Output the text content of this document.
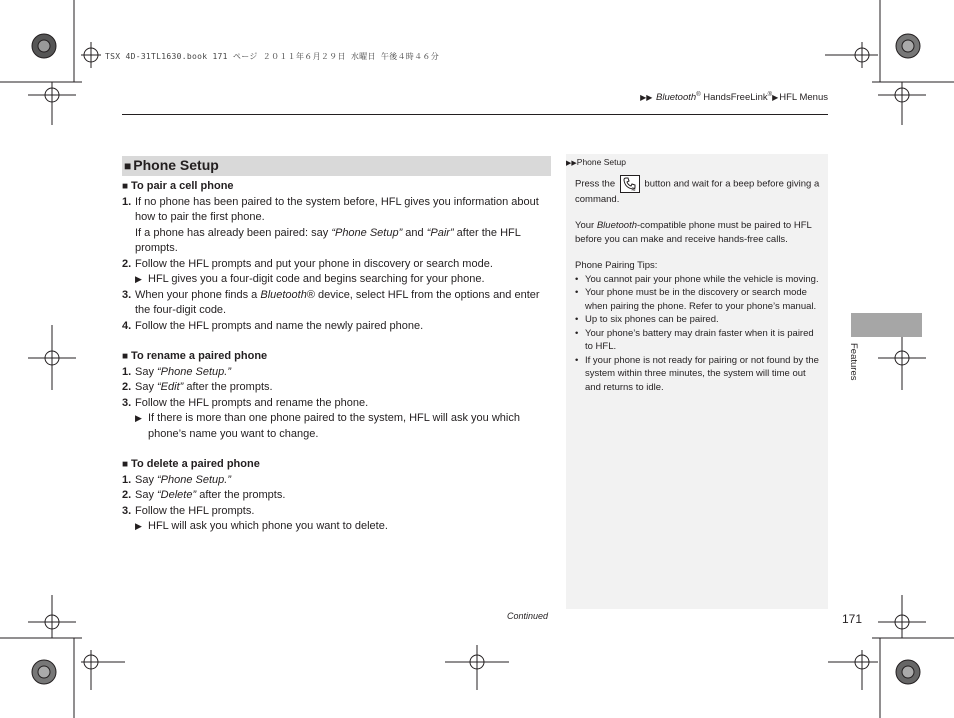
TSX 4D-31TL1630.book 171 ページ ２０１１年６月２９日 水曜日 午後４時４６分
▶▶ Bluetooth® HandsFreeLink®▶HFL Menus
■ Phone Setup

■ To pair a cell phone

1. If no phone has been paired to the system before, HFL gives you information about how to pair the first phone.
If a phone has already been paired: say “Phone Setup” and “Pair” after the HFL prompts.
2. Follow the HFL prompts and put your phone in discovery or search mode.
▶ HFL gives you a four-digit code and begins searching for your phone.
3. When your phone finds a Bluetooth® device, select HFL from the options and enter the four-digit code.
4. Follow the HFL prompts and name the newly paired phone.

■ To rename a paired phone

1. Say “Phone Setup.”
2. Say “Edit” after the prompts.
3. Follow the HFL prompts and rename the phone.
▶ If there is more than one phone paired to the system, HFL will ask you which phone’s name you want to change.

■ To delete a paired phone

1. Say “Phone Setup.”
2. Say “Delete” after the prompts.
3. Follow the HFL prompts.
▶ HFL will ask you which phone you want to delete.
▶▶Phone Setup

Press the ≋ button and wait for a beep before giving a command.

Your Bluetooth-compatible phone must be paired to HFL before you can make and receive hands-free calls.

Phone Pairing Tips:
• You cannot pair your phone while the vehicle is moving.
• Your phone must be in the discovery or search mode when pairing the phone. Refer to your phone’s manual.
• Up to six phones can be paired.
• Your phone’s battery may drain faster when it is paired to HFL.
• If your phone is not ready for pairing or not found by the system within three minutes, the system will time out and returns to idle.
Features
Continued	171
